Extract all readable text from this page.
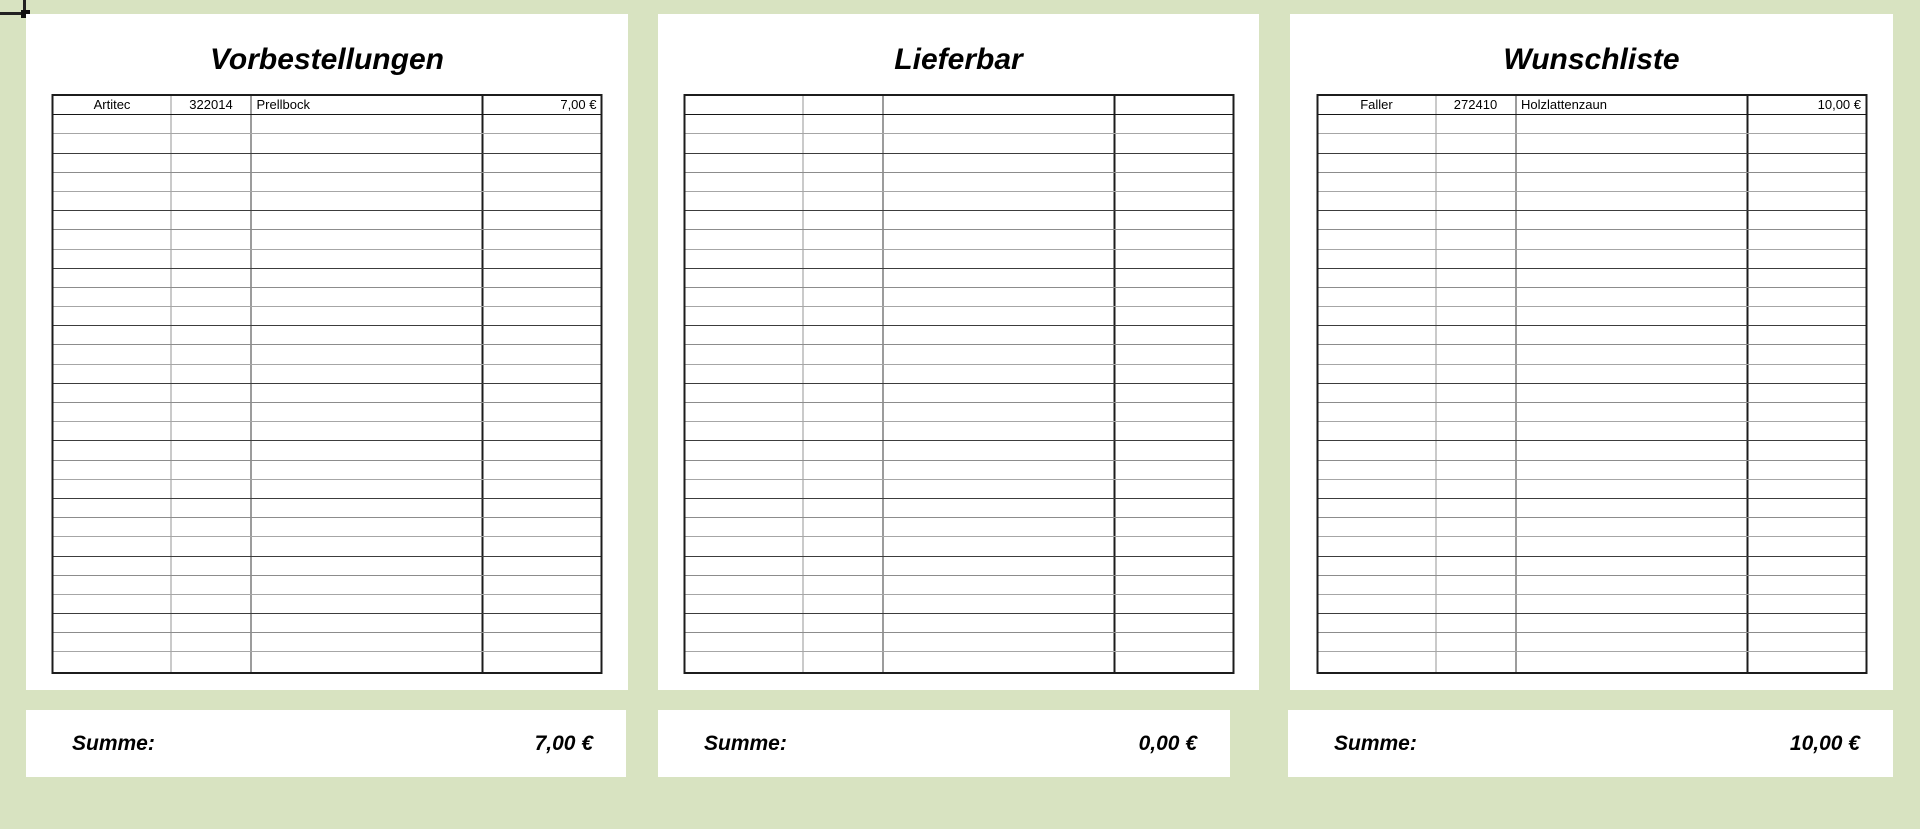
Vorbestellungen
Artitec	322014	Prellbock	7,00 €
Lieferbar	Wunschliste
Faller	272410	Holzlattenzaun	10,00 €
Summe:	7,00 €	Summe:	0,00 €	Summe:	10,00 €
